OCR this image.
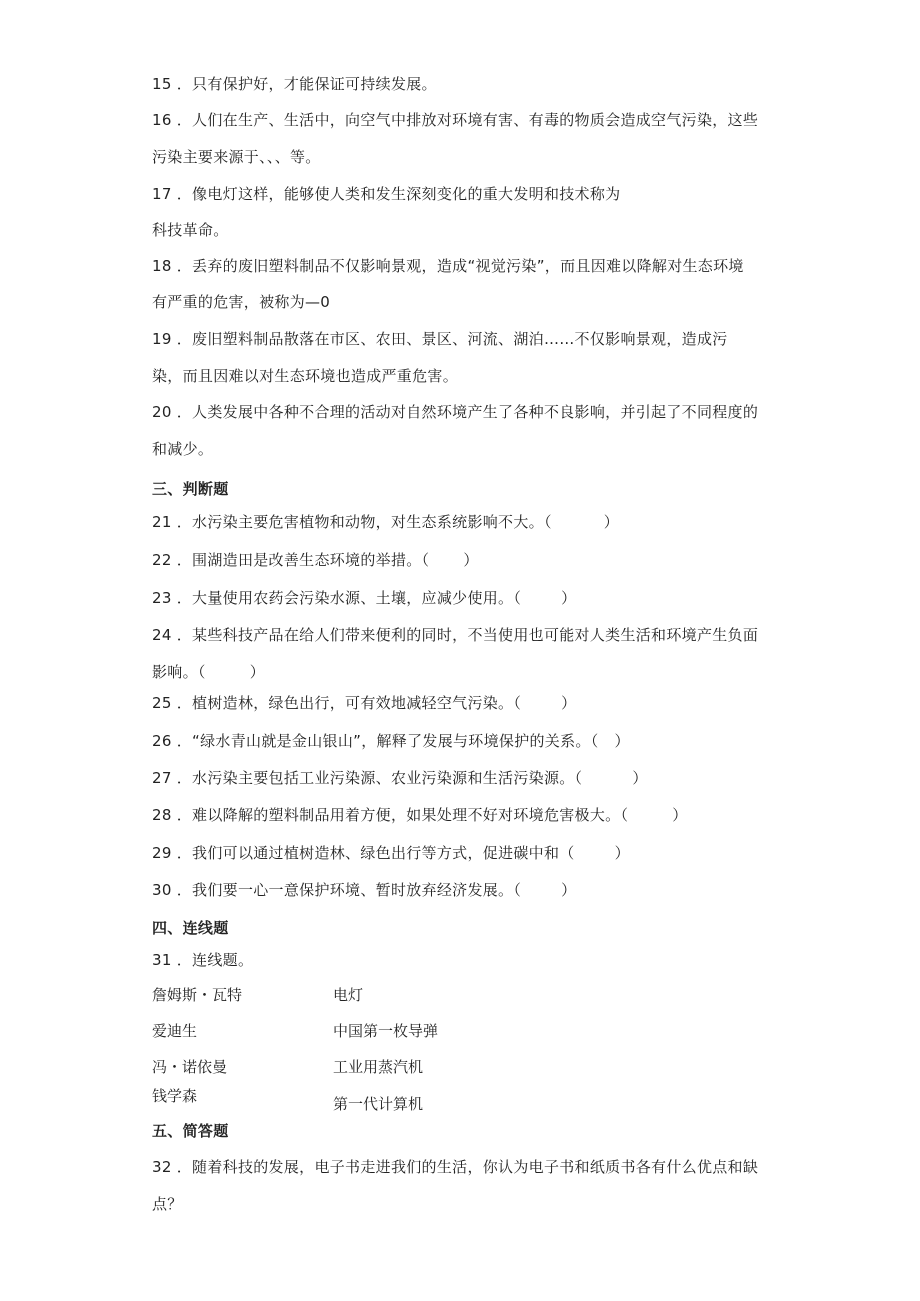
15 ．只有保护好，才能保证可持续发展。
16 ．人们在生产、生活中，向空气中排放对环境有害、有毒的物质会造成空气污染，这些
污染主要来源于、、、等。
17 ．像电灯这样，能够使人类和发生深刻变化的重大发明和技术称为
科技革命。
18 ．丢弃的废旧塑料制品不仅影响景观，造成“视觉污染”，而且因难以降解对生态环境
有严重的危害，被称为—0
19 ．废旧塑料制品散落在市区、农田、景区、河流、湖泊……不仅影响景观，造成污
染，而且因难以对生态环境也造成严重危害。
20 ．人类发展中各种不合理的活动对自然环境产生了各种不良影响，并引起了不同程度的
和减少。
三、判断题
21 ．水污染主要危害植物和动物，对生态系统影响不大。（	）
22 ．围湖造田是改善生态环境的举措。（ ）
23 ．大量使用农药会污染水源、土壤，应减少使用。（	）
24 ．某些科技产品在给人们带来便利的同时，不当使用也可能对人类生活和环境产生负面
影响。（	）
25 ．植树造林，绿色出行，可有效地减轻空气污染。（	）
26 ．“绿水青山就是金山银山”，解释了发展与环境保护的关系。（ ）
27 ．水污染主要包括工业污染源、农业污染源和生活污染源。（	）
28 ．难以降解的塑料制品用着方便，如果处理不好对环境危害极大。（	）
29 ．我们可以通过植树造林、绿色出行等方式，促进碳中和（	）
30 ．我们要一心一意保护环境、暂时放弃经济发展。（	）
四、连线题
31 ．连线题。
詹姆斯・瓦特
爱迪生
冯・诺依曼
钱学森
电灯
中国第一枚导弹
工业用蒸汽机
第一代计算机
五、简答题
32 ．随着科技的发展，电子书走进我们的生活，你认为电子书和纸质书各有什么优点和缺
点？
